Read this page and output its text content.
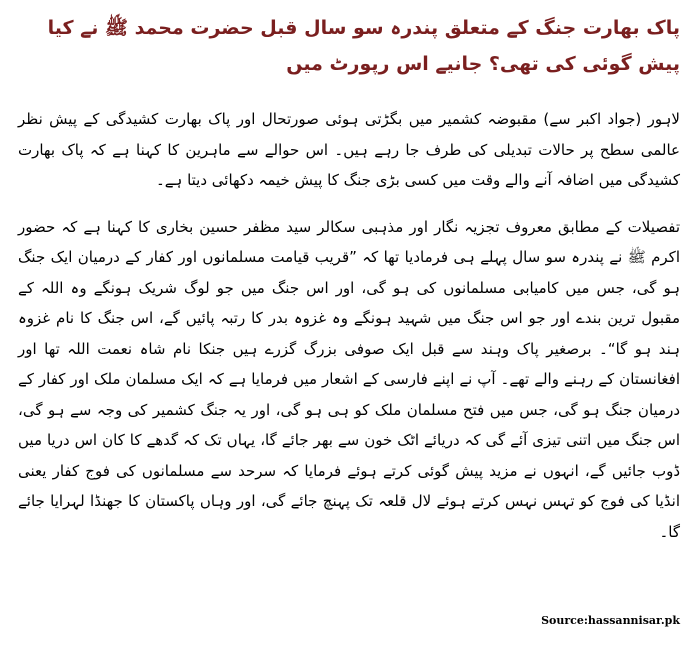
پاک بھارت جنگ کے متعلق پندرہ سو سال قبل حضرت محمد ﷺ نے کیا پیش گوئی کی تھی؟ جانیے اس رپورٹ میں

لاہور (جواد اکبر سے) مقبوضہ کشمیر میں بگڑتی ہوئی صورتحال اور پاک بھارت کشیدگی کے پیش نظر عالمی سطح پر حالات تبدیلی کی طرف جا رہے ہیں۔ اس حوالے سے ماہرین کا کہنا ہے کہ پاک بھارت کشیدگی میں اضافہ آنے والے وقت میں کسی بڑی جنگ کا پیش خیمہ دکھائی دیتا ہے۔

تفصیلات کے مطابق معروف تجزیہ نگار اور مذہبی سکالر سید مظفر حسین بخاری کا کہنا ہے کہ حضور اکرم ﷺ نے پندرہ سو سال پہلے ہی فرمادیا تھا کہ ”قریب قیامت مسلمانوں اور کفار کے درمیان ایک جنگ ہو گی، جس میں کامیابی مسلمانوں کی ہو گی، اور اس جنگ میں جو لوگ شریک ہونگے وہ اللہ کے مقبول ترین بندے اور جو اس جنگ میں شہید ہونگے وہ غزوہ بدر کا رتبہ پائیں گے، اس جنگ کا نام غزوہ ہند ہو گا“۔ برصغیر پاک وہند سے قبل ایک صوفی بزرگ گزرے ہیں جنکا نام شاہ نعمت اللہ تھا اور افغانستان کے رہنے والے تھے۔ آپ نے اپنے فارسی کے اشعار میں فرمایا ہے کہ ایک مسلمان ملک اور کفار کے درمیان جنگ ہو گی، جس میں فتح مسلمان ملک کو ہی ہو گی، اور یہ جنگ کشمیر کی وجہ سے ہو گی، اس جنگ میں اتنی تیزی آئے گی کہ دریائے اٹک خون سے بھر جائے گا، یہاں تک کہ گدھے کا کان اس دریا میں ڈوب جائیں گے، انہوں نے مزید پیش گوئی کرتے ہوئے فرمایا کہ سرحد سے مسلمانوں کی فوج کفار یعنی انڈیا کی فوج کو تہس نہس کرتے ہوئے لال قلعہ تک پہنچ جائے گی، اور وہاں پاکستان کا جھنڈا لہرایا جائے گا۔

Source:hassannisar.pk
